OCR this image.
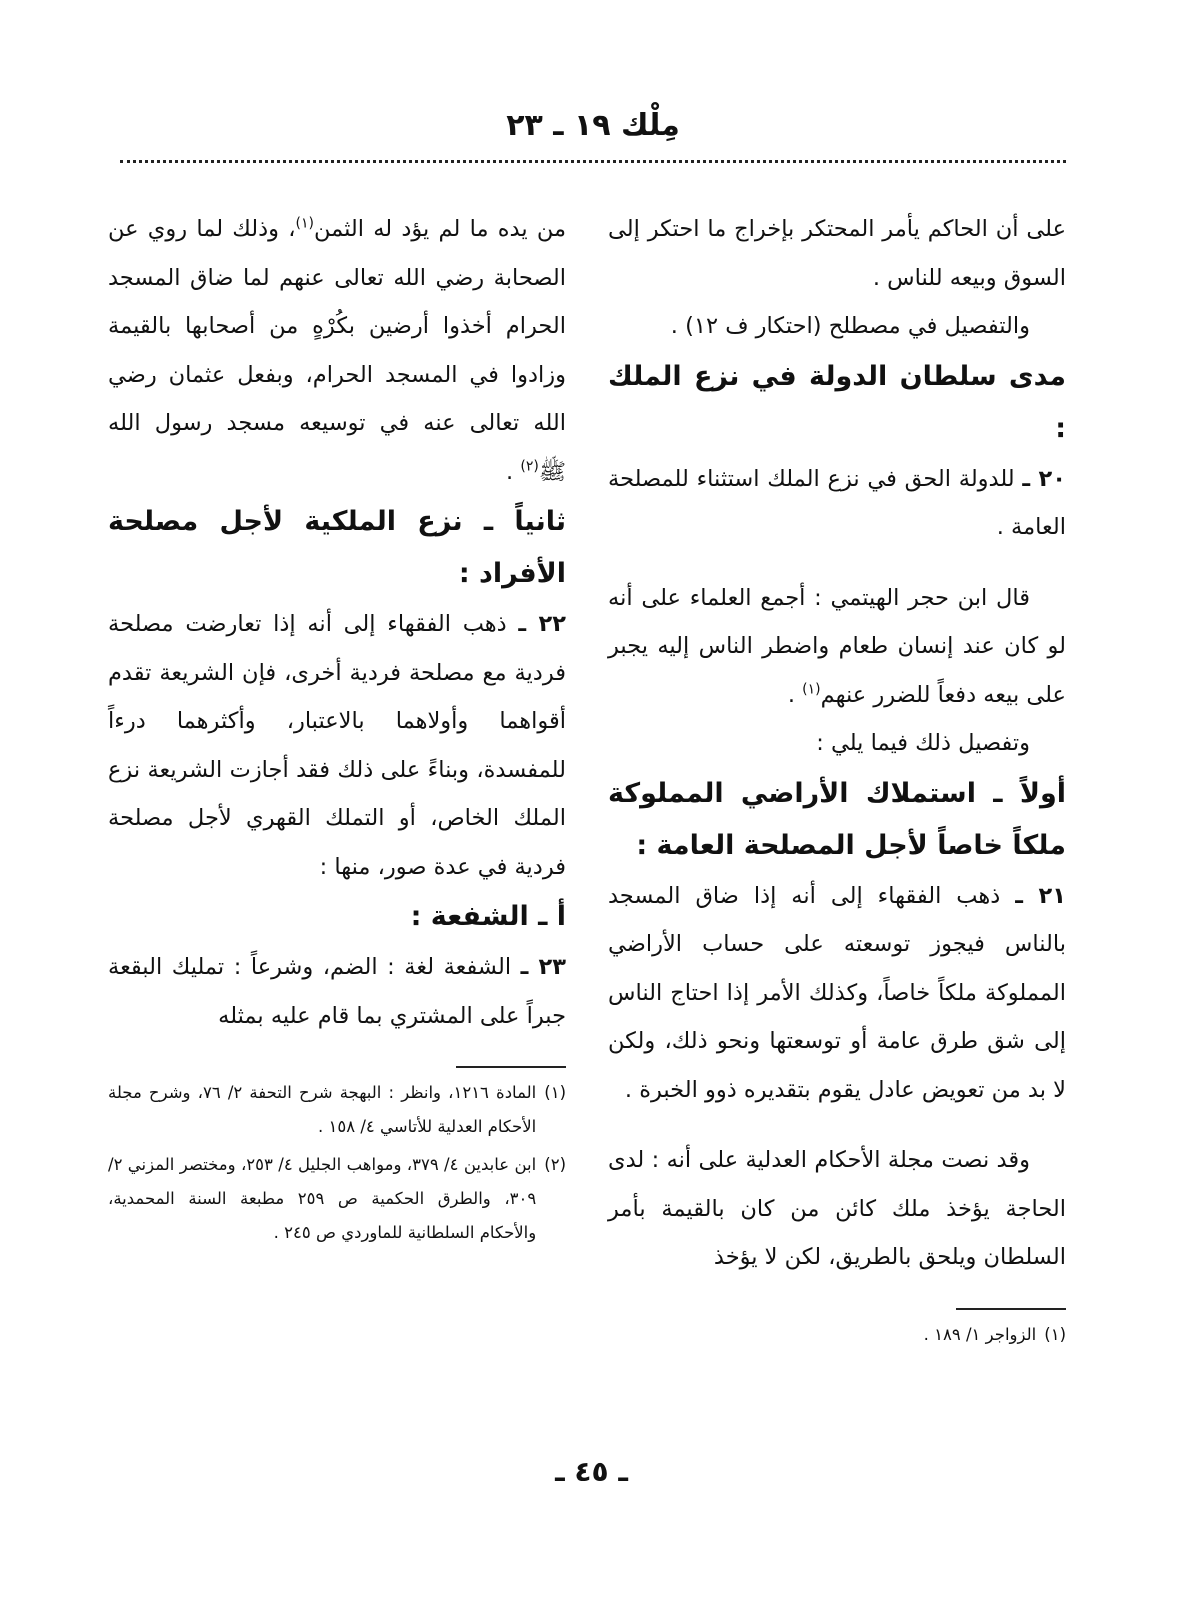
مِلْك ١٩ ـ ٢٣

على أن الحاكم يأمر المحتكر بإخراج ما احتكر إلى السوق وبيعه للناس .

والتفصيل في مصطلح (احتكار ف ١٢) .

مدى سلطان الدولة في نزع الملك :

٢٠ ـ للدولة الحق في نزع الملك استثناء للمصلحة العامة .

قال ابن حجر الهيتمي : أجمع العلماء على أنه لو كان عند إنسان طعام واضطر الناس إليه يجبر على بيعه دفعاً للضرر عنهم$^{(١)}$ .

وتفصيل ذلك فيما يلي :

أولاً ـ استملاك الأراضي المملوكة ملكاً خاصاً لأجل المصلحة العامة :

٢١ ـ ذهب الفقهاء إلى أنه إذا ضاق المسجد بالناس فيجوز توسعته على حساب الأراضي المملوكة ملكاً خاصاً، وكذلك الأمر إذا احتاج الناس إلى شق طرق عامة أو توسعتها ونحو ذلك، ولكن لا بد من تعويض عادل يقوم بتقديره ذوو الخبرة .

وقد نصت مجلة الأحكام العدلية على أنه : لدى الحاجة يؤخذ ملك كائن من كان بالقيمة بأمر السلطان ويلحق بالطريق، لكن لا يؤخذ

(١)
الزواجر ١/ ١٨٩ .

من يده ما لم يؤد له الثمن$^{(١)}$، وذلك لما روي عن الصحابة رضي الله تعالى عنهم لما ضاق المسجد الحرام أخذوا أرضين بكُرْهٍ من أصحابها بالقيمة وزادوا في المسجد الحرام، وبفعل عثمان رضي الله تعالى عنه في توسيعه مسجد رسول الله ﷺ$^{(٢)}$ .

ثانياً ـ نزع الملكية لأجل مصلحة الأفراد :

٢٢ ـ ذهب الفقهاء إلى أنه إذا تعارضت مصلحة فردية مع مصلحة فردية أخرى، فإن الشريعة تقدم أقواهما وأولاهما بالاعتبار، وأكثرهما درءاً للمفسدة، وبناءً على ذلك فقد أجازت الشريعة نزع الملك الخاص، أو التملك القهري لأجل مصلحة فردية في عدة صور، منها :

أ ـ الشفعة :

٢٣ ـ الشفعة لغة : الضم، وشرعاً : تمليك البقعة جبراً على المشتري بما قام عليه بمثله

(١)
المادة ١٢١٦، وانظر : البهجة شرح التحفة ٢/ ٧٦، وشرح مجلة الأحكام العدلية للأتاسي ٤/ ١٥٨ .

(٢)
ابن عابدين ٤/ ٣٧٩، ومواهب الجليل ٤/ ٢٥٣، ومختصر المزني ٢/ ٣٠٩، والطرق الحكمية ص ٢٥٩ مطبعة السنة المحمدية، والأحكام السلطانية للماوردي ص ٢٤٥ .

ـ ٤٥ ـ
